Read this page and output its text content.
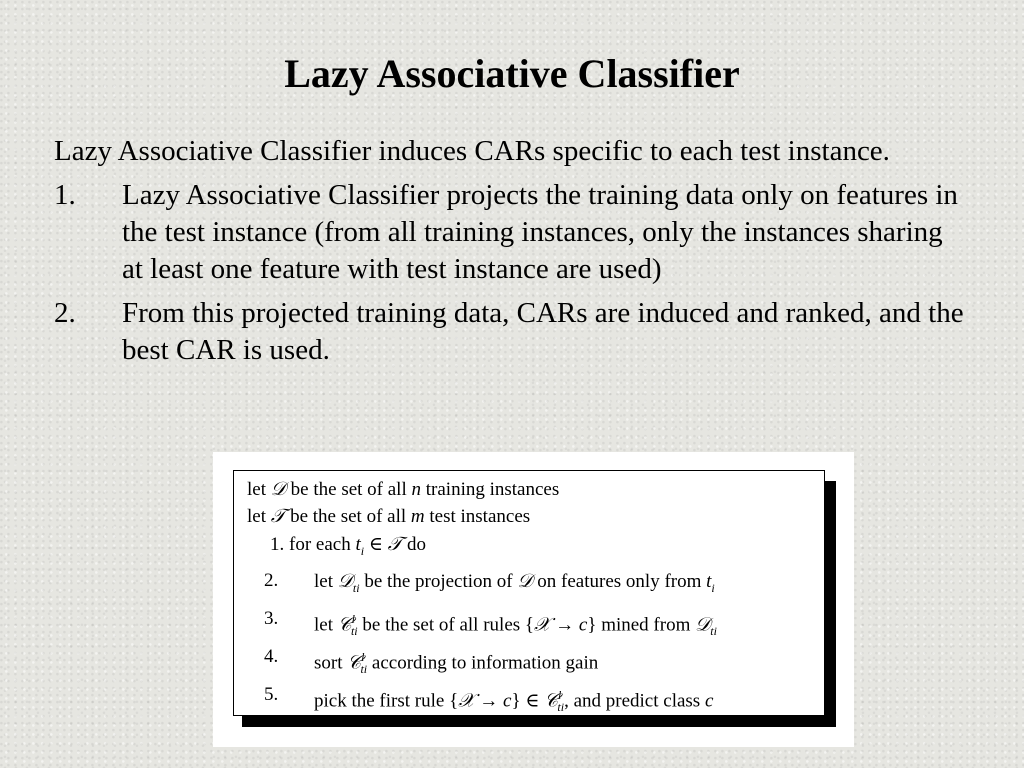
Lazy Associative Classifier

Lazy Associative Classifier induces CARs specific to each test instance.

1.	Lazy Associative Classifier projects the training data only on features in the test instance (from all training instances, only the instances sharing at least one feature with test instance are used)
2.	From this projected training data, CARs are induced and ranked, and the best CAR is used.
let 𝒟 be the set of all n training instances
let 𝒯 be the set of all m test instances
1. for each $t_i$ ∈ 𝒯 do
2. let 𝒟$_{ti}$ be the projection of 𝒟 on features only from $t_i$
3. let 𝒞$^l_{ti}$ be the set of all rules {𝒳 → c} mined from 𝒟$_{ti}$
4. sort 𝒞$^l_{ti}$ according to information gain
5. pick the first rule {𝒳 → c} ∈ 𝒞$^l_{ti}$, and predict class c
